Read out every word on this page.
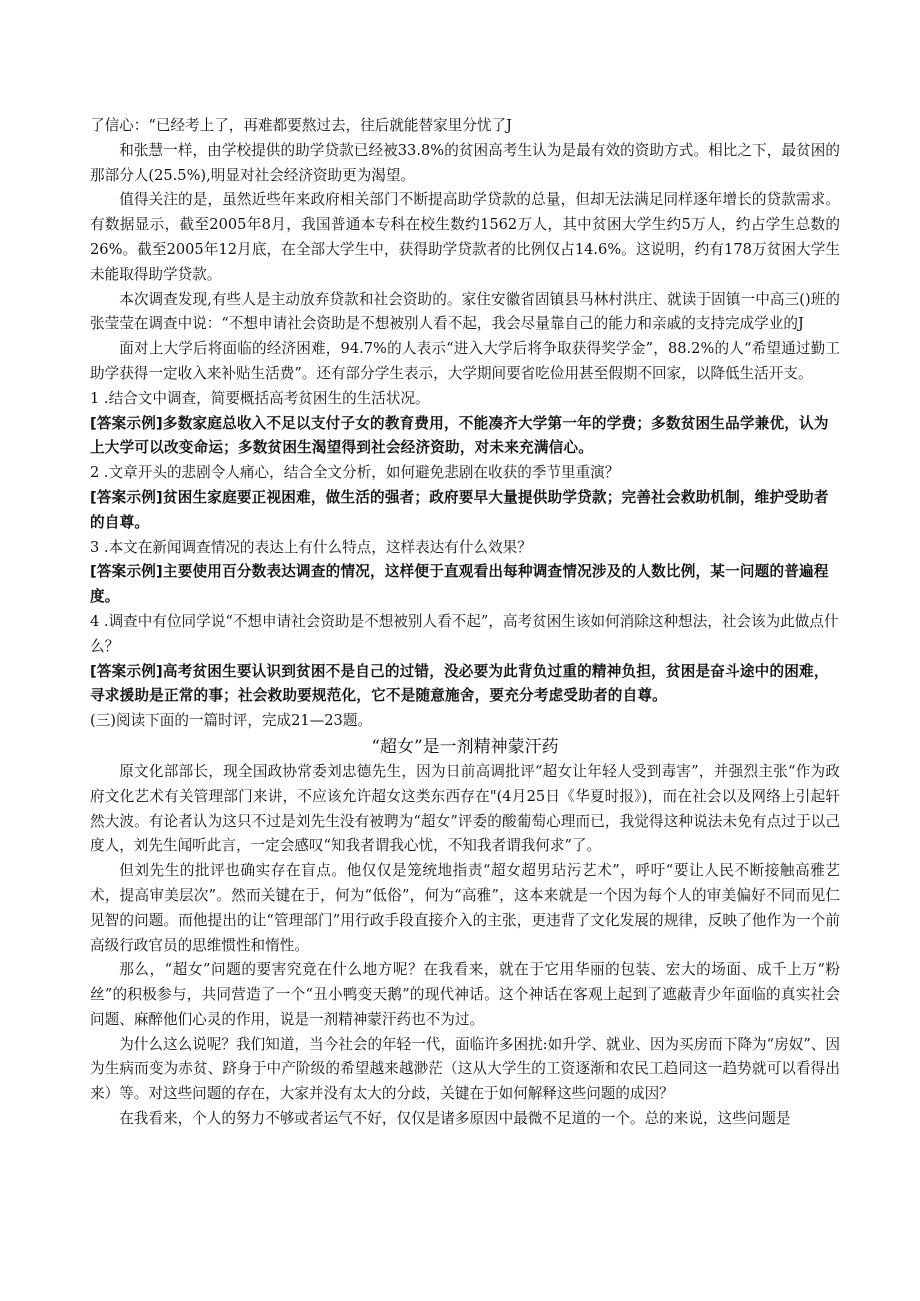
了信心：“已经考上了，再难都要熬过去，往后就能替家里分忧了J

和张慧一样，由学校提供的助学贷款已经被33.8%的贫困高考生认为是最有效的资助方式。相比之下，最贫困的那部分人(25.5%),明显对社会经济资助更为渴望。

值得关注的是，虽然近些年来政府相关部门不断提高助学贷款的总量，但却无法满足同样逐年增长的贷款需求。有数据显示，截至2005年8月，我国普通本专科在校生数约1562万人，其中贫困大学生约5万人，约占学生总数的26%。截至2005年12月底，在全部大学生中，获得助学贷款者的比例仅占14.6%。这说明，约有178万贫困大学生未能取得助学贷款。

本次调查发现,有些人是主动放弃贷款和社会资助的。家住安徽省固镇县马林村洪庄、就读于固镇一中高三()班的张莹莹在调查中说：“不想申请社会资助是不想被别人看不起，我会尽量靠自己的能力和亲戚的支持完成学业的J

面对上大学后将面临的经济困难，94.7%的人表示“进入大学后将争取获得奖学金”，88.2%的人“希望通过勤工助学获得一定收入来补贴生活费”。还有部分学生表示，大学期间要省吃俭用甚至假期不回家，以降低生活开支。

1 .结合文中调查，简要概括高考贫困生的生活状况。

[答案示例]多数家庭总收入不足以支付子女的教育费用，不能凑齐大学第一年的学费；多数贫困生品学兼优，认为上大学可以改变命运；多数贫困生渴望得到社会经济资助，对未来充满信心。

2 .文章开头的悲剧令人痛心，结合全文分析，如何避免悲剧在收获的季节里重演？

[答案示例]贫困生家庭要正视困难，做生活的强者；政府要早大量提供助学贷款；完善社会救助机制，维护受助者的自尊。

3 .本文在新闻调查情况的表达上有什么特点，这样表达有什么效果？

[答案示例]主要使用百分数表达调查的情况，这样便于直观看出每种调查情况涉及的人数比例，某一问题的普遍程度。

4 .调查中有位同学说“不想申请社会资助是不想被别人看不起”，高考贫困生该如何消除这种想法，社会该为此做点什么？

[答案示例]高考贫困生要认识到贫困不是自己的过错，没必要为此背负过重的精神负担，贫困是奋斗途中的困难，寻求援助是正常的事；社会救助要规范化，它不是随意施舍，要充分考虑受助者的自尊。

(三)阅读下面的一篇时评，完成21—23题。

“超女”是一剂精神蒙汗药

原文化部部长，现全国政协常委刘忠德先生，因为日前高调批评“超女让年轻人受到毒害”，并强烈主张“作为政府文化艺术有关管理部门来讲，不应该允许超女这类东西存在"(4月25日《华夏时报》)，而在社会以及网络上引起轩然大波。有论者认为这只不过是刘先生没有被聘为“超女”评委的酸葡萄心理而已，我觉得这种说法未免有点过于以己度人，刘先生闻听此言，一定会感叹“知我者谓我心忧，不知我者谓我何求”了。

但刘先生的批评也确实存在盲点。他仅仅是笼统地指责“超女超男玷污艺术”，呼吁“要让人民不断接触高雅艺术，提高审美层次”。然而关键在于，何为“低俗”，何为“高雅”，这本来就是一个因为每个人的审美偏好不同而见仁见智的问题。而他提出的让“管理部门”用行政手段直接介入的主张，更违背了文化发展的规律，反映了他作为一个前高级行政官员的思维惯性和惰性。

那么，“超女”问题的要害究竟在什么地方呢？在我看来，就在于它用华丽的包装、宏大的场面、成千上万“粉丝”的积极参与，共同营造了一个“丑小鸭变天鹅”的现代神话。这个神话在客观上起到了遮蔽青少年面临的真实社会问题、麻醉他们心灵的作用，说是一剂精神蒙汗药也不为过。

为什么这么说呢？我们知道，当今社会的年轻一代，面临许多困扰:如升学、就业、因为买房而下降为“房奴”、因为生病而变为赤贫、跻身于中产阶级的希望越来越渺茫（这从大学生的工资逐渐和农民工趋同这一趋势就可以看得出来）等。对这些问题的存在，大家并没有太大的分歧，关键在于如何解释这些问题的成因？

在我看来，个人的努力不够或者运气不好，仅仅是诸多原因中最微不足道的一个。总的来说，这些问题是
